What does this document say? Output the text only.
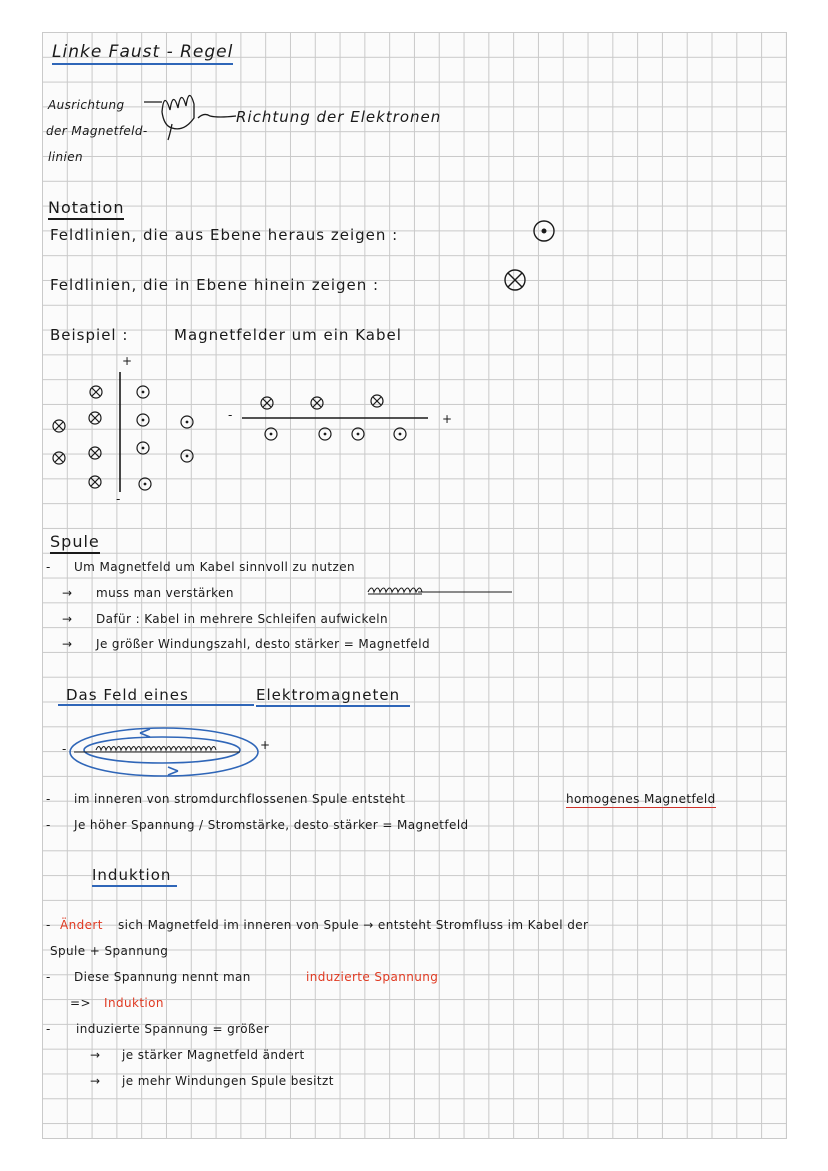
Linke Faust - Regel
Ausrichtung
der Magnetfeld-
linien
Richtung der Elektronen
Notation
Feldlinien, die aus Ebene heraus zeigen :
Feldlinien, die in Ebene hinein zeigen :
Beispiel :	Magnetfelder um ein Kabel
+
-
-	+
Spule
- Um Magnetfeld um Kabel sinnvoll zu nutzen
→ muss man verstärken
→ Dafür : Kabel in mehrere Schleifen aufwickeln
→ Je größer Windungszahl, desto stärker = Magnetfeld
Das Feld eines	Elektromagneten
-	+
- im inneren von stromdurchflossenen Spule entsteht	homogenes Magnetfeld
- Je höher Spannung / Stromstärke, desto stärker = Magnetfeld
Induktion
- Ändert sich Magnetfeld im inneren von Spule → entsteht Stromfluss im Kabel der
Spule + Spannung
- Diese Spannung nennt man	induzierte Spannung
=> Induktion
- induzierte Spannung = größer
→ je stärker Magnetfeld ändert
→ je mehr Windungen Spule besitzt
